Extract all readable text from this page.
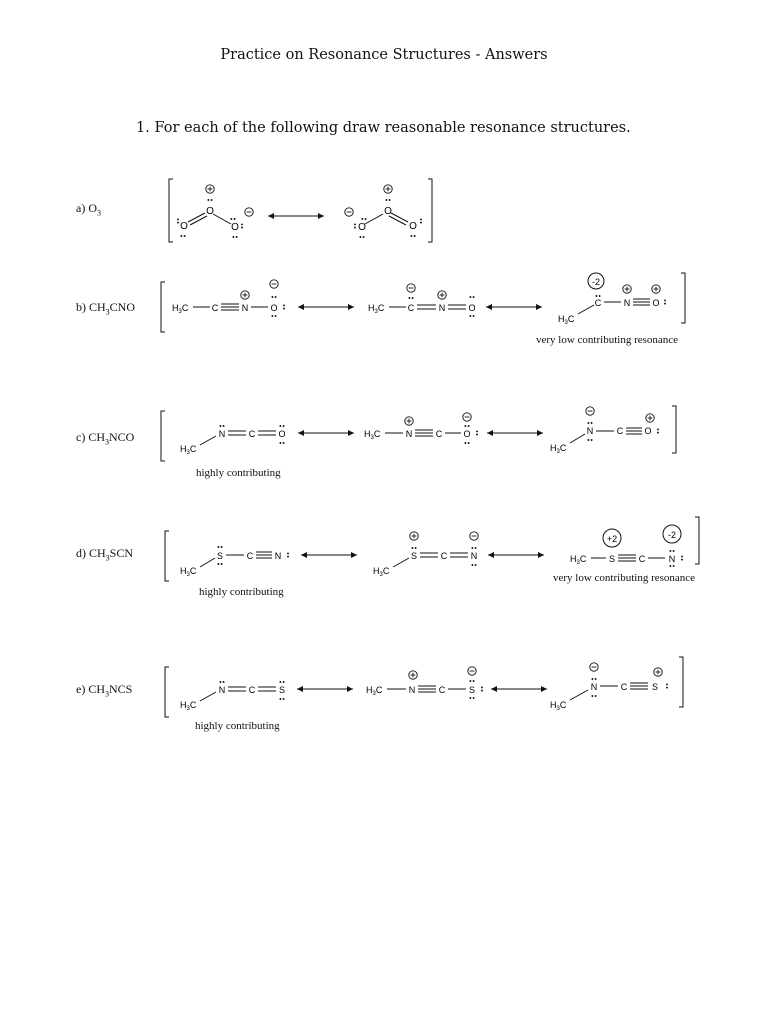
Practice on Resonance Structures - Answers
1. For each of the following draw reasonable resonance structures.
a) $O_3$
b) $CH_3CNO$
c) $CH_3NCO$
d) $CH_3SCN$
e) $CH_3NCS$
very low contributing resonance
highly contributing
highly contributing
very low contributing resonance
highly contributing
O
O
O	O
O
O
$H_3C$	C	N O	$H_3C$	C	N	O
$H_3C$
C
-2
N O
$H_3C$
N	C	O	$H_3C$	N	C O
$H_3C$
N	C O
$H_3C$
S	C N
$H_3C$
S	C	N	$H_3C$	S
+2
C	N
-2
$H_3C$
N	C	S	$H_3C$	N	C	S
$H_3C$
N	C	S
